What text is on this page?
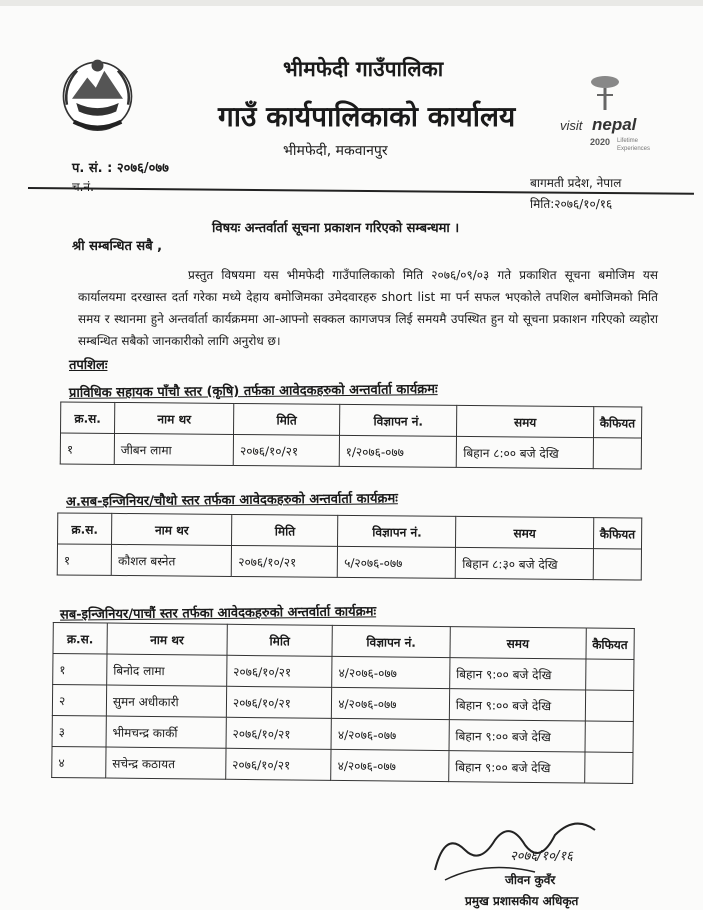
भीमफेदी गाउँपालिका
गाउँ कार्यपालिकाको कार्यालय
भीमफेदी, मकवानपुर
visit nepal
2020 Lifetime
Experiences
प. सं. : २०७६/०७७
बागमती प्रदेश, नेपाल
मिति:२०७६/१०/१६
विषयः अन्तर्वार्ता सूचना प्रकाशन गरिएको सम्बन्धमा ।
श्री सम्बन्धित सबै ,

प्रस्तुत विषयमा यस भीमफेदी गाउँपालिकाको मिति २०७६/०९/०३ गते प्रकाशित सूचना बमोजिम यस कार्यालयमा दरखास्त दर्ता गरेका मध्ये देहाय बमोजिमका उमेदवारहरु short list मा पर्न सफल भएकोले तपशिल बमोजिमको मिति समय र स्थानमा हुने अन्तर्वार्ता कार्यक्रममा आ-आफ्नो सक्कल कागजपत्र लिई समयमै उपस्थित हुन यो सूचना प्रकाशन गरिएको व्यहोरा सम्बन्धित सबैको जानकारीको लागि अनुरोध छ।

तपशिलः
प्राविधिक सहायक पाँचौ स्तर (कृषि) तर्फका आवेदकहरुको अन्तर्वार्ता कार्यक्रमः
क्र.स.	नाम थर	मिति	विज्ञापन नं.	समय	कैफियत
१	जीबन लामा	२०७६/१०/२१	१/२०७६-०७७	बिहान ८:०० बजे देखि	
अ.सब-इन्जिनियर/चौथो स्तर तर्फका आवेदकहरुको अन्तर्वार्ता कार्यक्रमः
क्र.स.	नाम थर	मिति	विज्ञापन नं.	समय	कैफियत
१	कौशल बस्नेत	२०७६/१०/२१	५/२०७६-०७७	बिहान ८:३० बजे देखि	
सब-इन्जिनियर/पाचौं स्तर तर्फका आवेदकहरुको अन्तर्वार्ता कार्यक्रमः
क्र.स.	नाम थर	मिति	विज्ञापन नं.	समय	कैफियत
१	बिनोद लामा	२०७६/१०/२१	४/२०७६-०७७	बिहान ९:०० बजे देखि	
२	सुमन अधीकारी	२०७६/१०/२१	४/२०७६-०७७	बिहान ९:०० बजे देखि	
३	भीमचन्द्र कार्की	२०७६/१०/२१	४/२०७६-०७७	बिहान ९:०० बजे देखि	
४	सचेन्द्र कठायत	२०७६/१०/२१	४/२०७६-०७७	बिहान ९:०० बजे देखि	
२०७६/१०/१६
जीवन कुवँर
प्रमुख प्रशासकीय अधिकृत
